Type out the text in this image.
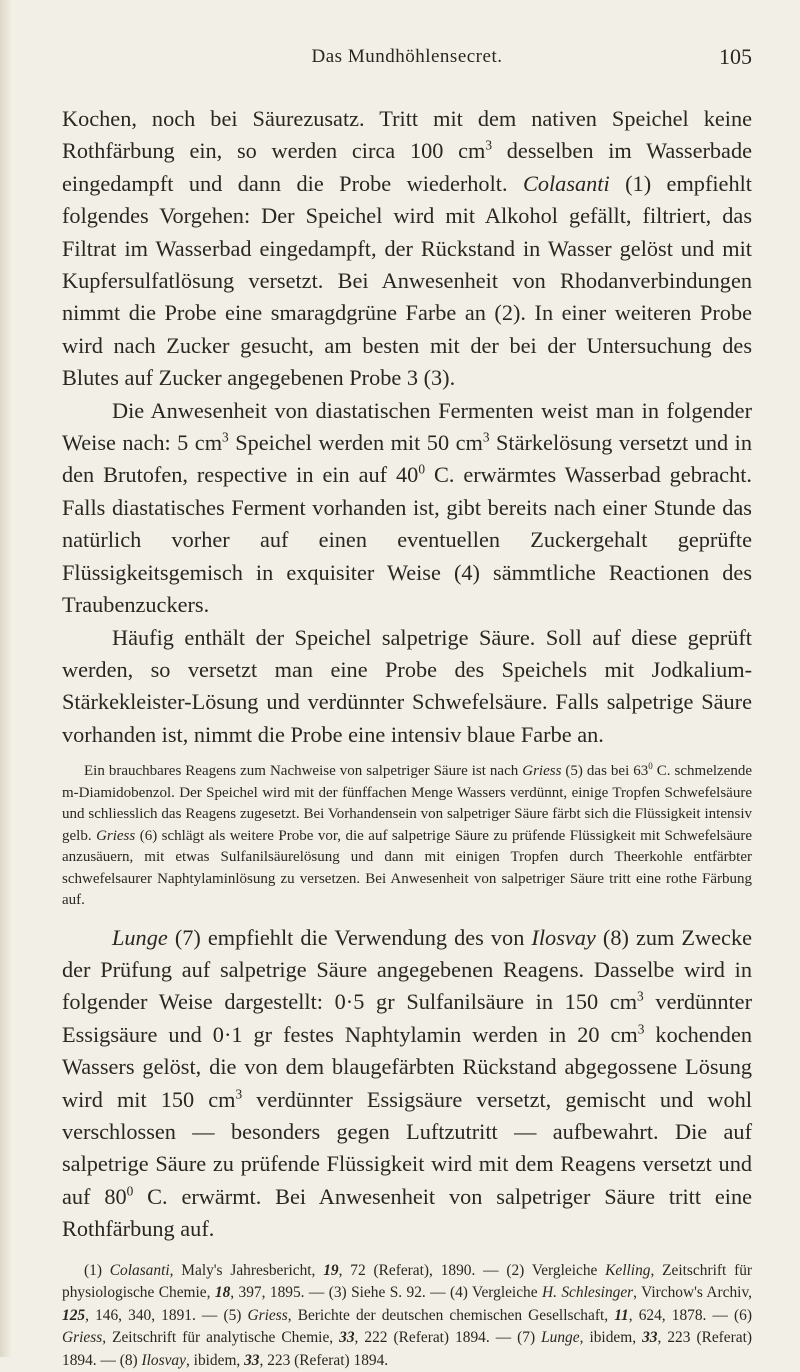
Das Mundhöhlensecret.	105

Kochen, noch bei Säurezusatz. Tritt mit dem nativen Speichel keine Rothfärbung ein, so werden circa 100 $cm^3$ desselben im Wasserbade eingedampft und dann die Probe wiederholt. Colasanti (1) empfiehlt folgendes Vorgehen: Der Speichel wird mit Alkohol gefällt, filtriert, das Filtrat im Wasserbad eingedampft, der Rückstand in Wasser gelöst und mit Kupfersulfatlösung versetzt. Bei Anwesenheit von Rhodanverbindungen nimmt die Probe eine smaragdgrüne Farbe an (2). In einer weiteren Probe wird nach Zucker gesucht, am besten mit der bei der Untersuchung des Blutes auf Zucker angegebenen Probe 3 (3).

Die Anwesenheit von diastatischen Fermenten weist man in folgender Weise nach: 5 $cm^3$ Speichel werden mit 50 $cm^3$ Stärkelösung versetzt und in den Brutofen, respective in ein auf $40^0$ C. erwärmtes Wasserbad gebracht. Falls diastatisches Ferment vorhanden ist, gibt bereits nach einer Stunde das natürlich vorher auf einen eventuellen Zuckergehalt geprüfte Flüssigkeitsgemisch in exquisiter Weise (4) sämmtliche Reactionen des Traubenzuckers.

Häufig enthält der Speichel salpetrige Säure. Soll auf diese geprüft werden, so versetzt man eine Probe des Speichels mit Jodkalium-Stärkekleister-Lösung und verdünnter Schwefelsäure. Falls salpetrige Säure vorhanden ist, nimmt die Probe eine intensiv blaue Farbe an.

Ein brauchbares Reagens zum Nachweise von salpetriger Säure ist nach Griess (5) das bei $63^0$ C. schmelzende m-Diamidobenzol. Der Speichel wird mit der fünffachen Menge Wassers verdünnt, einige Tropfen Schwefelsäure und schliesslich das Reagens zugesetzt. Bei Vorhandensein von salpetriger Säure färbt sich die Flüssigkeit intensiv gelb. Griess (6) schlägt als weitere Probe vor, die auf salpetrige Säure zu prüfende Flüssigkeit mit Schwefelsäure anzusäuern, mit etwas Sulfanilsäurelösung und dann mit einigen Tropfen durch Theerkohle entfärbter schwefelsaurer Naphtylaminlösung zu versetzen. Bei Anwesenheit von salpetriger Säure tritt eine rothe Färbung auf.

Lunge (7) empfiehlt die Verwendung des von Ilosvay (8) zum Zwecke der Prüfung auf salpetrige Säure angegebenen Reagens. Dasselbe wird in folgender Weise dargestellt: 0·5 gr Sulfanilsäure in 150 $cm^3$ verdünnter Essigsäure und 0·1 gr festes Naphtylamin werden in 20 $cm^3$ kochenden Wassers gelöst, die von dem blaugefärbten Rückstand abgegossene Lösung wird mit 150 $cm^3$ verdünnter Essigsäure versetzt, gemischt und wohl verschlossen — besonders gegen Luftzutritt — aufbewahrt. Die auf salpetrige Säure zu prüfende Flüssigkeit wird mit dem Reagens versetzt und auf $80^0$ C. erwärmt. Bei Anwesenheit von salpetriger Säure tritt eine Rothfärbung auf.

(1) Colasanti, Maly's Jahresbericht, 19, 72 (Referat), 1890. — (2) Vergleiche Kelling, Zeitschrift für physiologische Chemie, 18, 397, 1895. — (3) Siehe S. 92. — (4) Vergleiche H. Schlesinger, Virchow's Archiv, 125, 146, 340, 1891. — (5) Griess, Berichte der deutschen chemischen Gesellschaft, 11, 624, 1878. — (6) Griess, Zeitschrift für analytische Chemie, 33, 222 (Referat) 1894. — (7) Lunge, ibidem, 33, 223 (Referat) 1894. — (8) Ilosvay, ibidem, 33, 223 (Referat) 1894.
